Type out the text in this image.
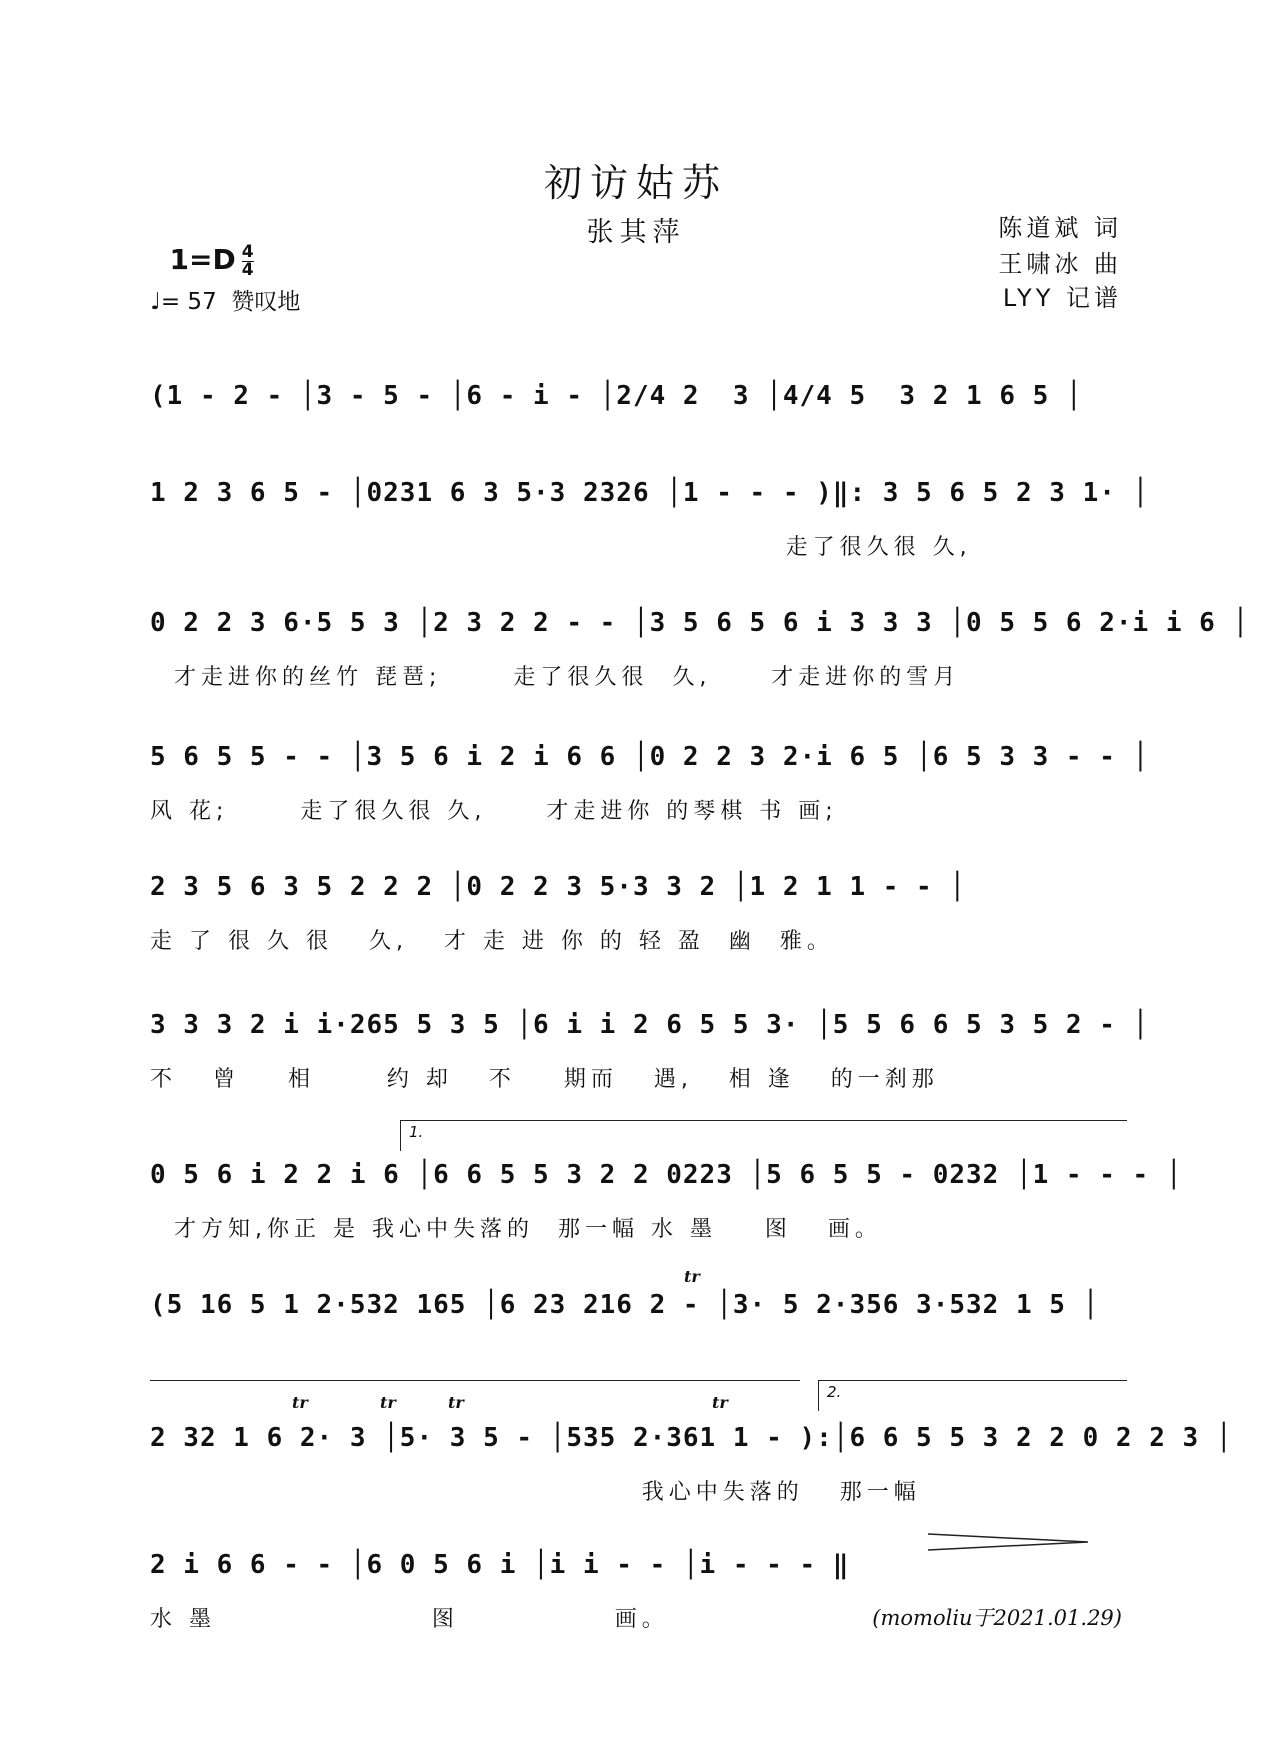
初访姑苏
张其萍

$1=D \frac{4}{4}$

♩= 57  赞叹地
陈道斌 词
王啸冰 曲
LYY 记谱
(1 - 2 - │3 - 5 - │6 - i - │2/4 2  3 │4/4 5  3 2 1 6 5 │
1 2 3 6 5 - │0231 6 3 5·3 2326 │1 - - - )‖: 3 5 6 5 2 3 1· │
走了很久很 久,
0 2 2 3 6·5 5 3 │2 3 2 2 - - │3 5 6 5 6 i 3 3 3 │0 5 5 6 2·i i 6 │
才走进你的丝竹 琵琶;      走了很久很  久,     才走进你的雪月
5 6 5 5 - - │3 5 6 i 2 i 6 6 │0 2 2 3 2·i 6 5 │6 5 3 3 - - │
风 花;      走了很久很 久,     才走进你 的琴棋 书 画;
2 3 5 6 3 5 2 2 2 │0 2 2 3 5·3 3 2 │1 2 1 1 - - │
走 了 很 久 很   久,   才 走 进 你 的 轻 盈  幽  雅。
3 3 3 2 i i·265 5 3 5 │6 i i 2 6 5 5 3· │5 5 6 6 5 3 5 2 - │
不   曾    相      约 却   不    期而   遇,   相 逢   的一刹那
0 5 6 i 2 2 i 6 │6 6 5 5 3 2 2 0223 │5 6 5 5 - 0232 │1 - - - │
才方知,你正 是 我心中失落的  那一幅 水 墨    图   画。
(5 16 5 1 2·532 165 │6 23 216 2 - │3· 5 2·356 3·532 1 5 │
2 32 1 6 2· 3 │5· 3 5 - │535 2·361 1 - ):│6 6 5 5 3 2 2 0 2 2 3 │
我心中失落的   那一幅
2 i 6 6 - - │6 0 5 6 i │i i - - │i - - - ‖
水 墨                  图             画。
1.
2.
tr
tr	tr	tr	tr
(momoliu于2021.01.29)
